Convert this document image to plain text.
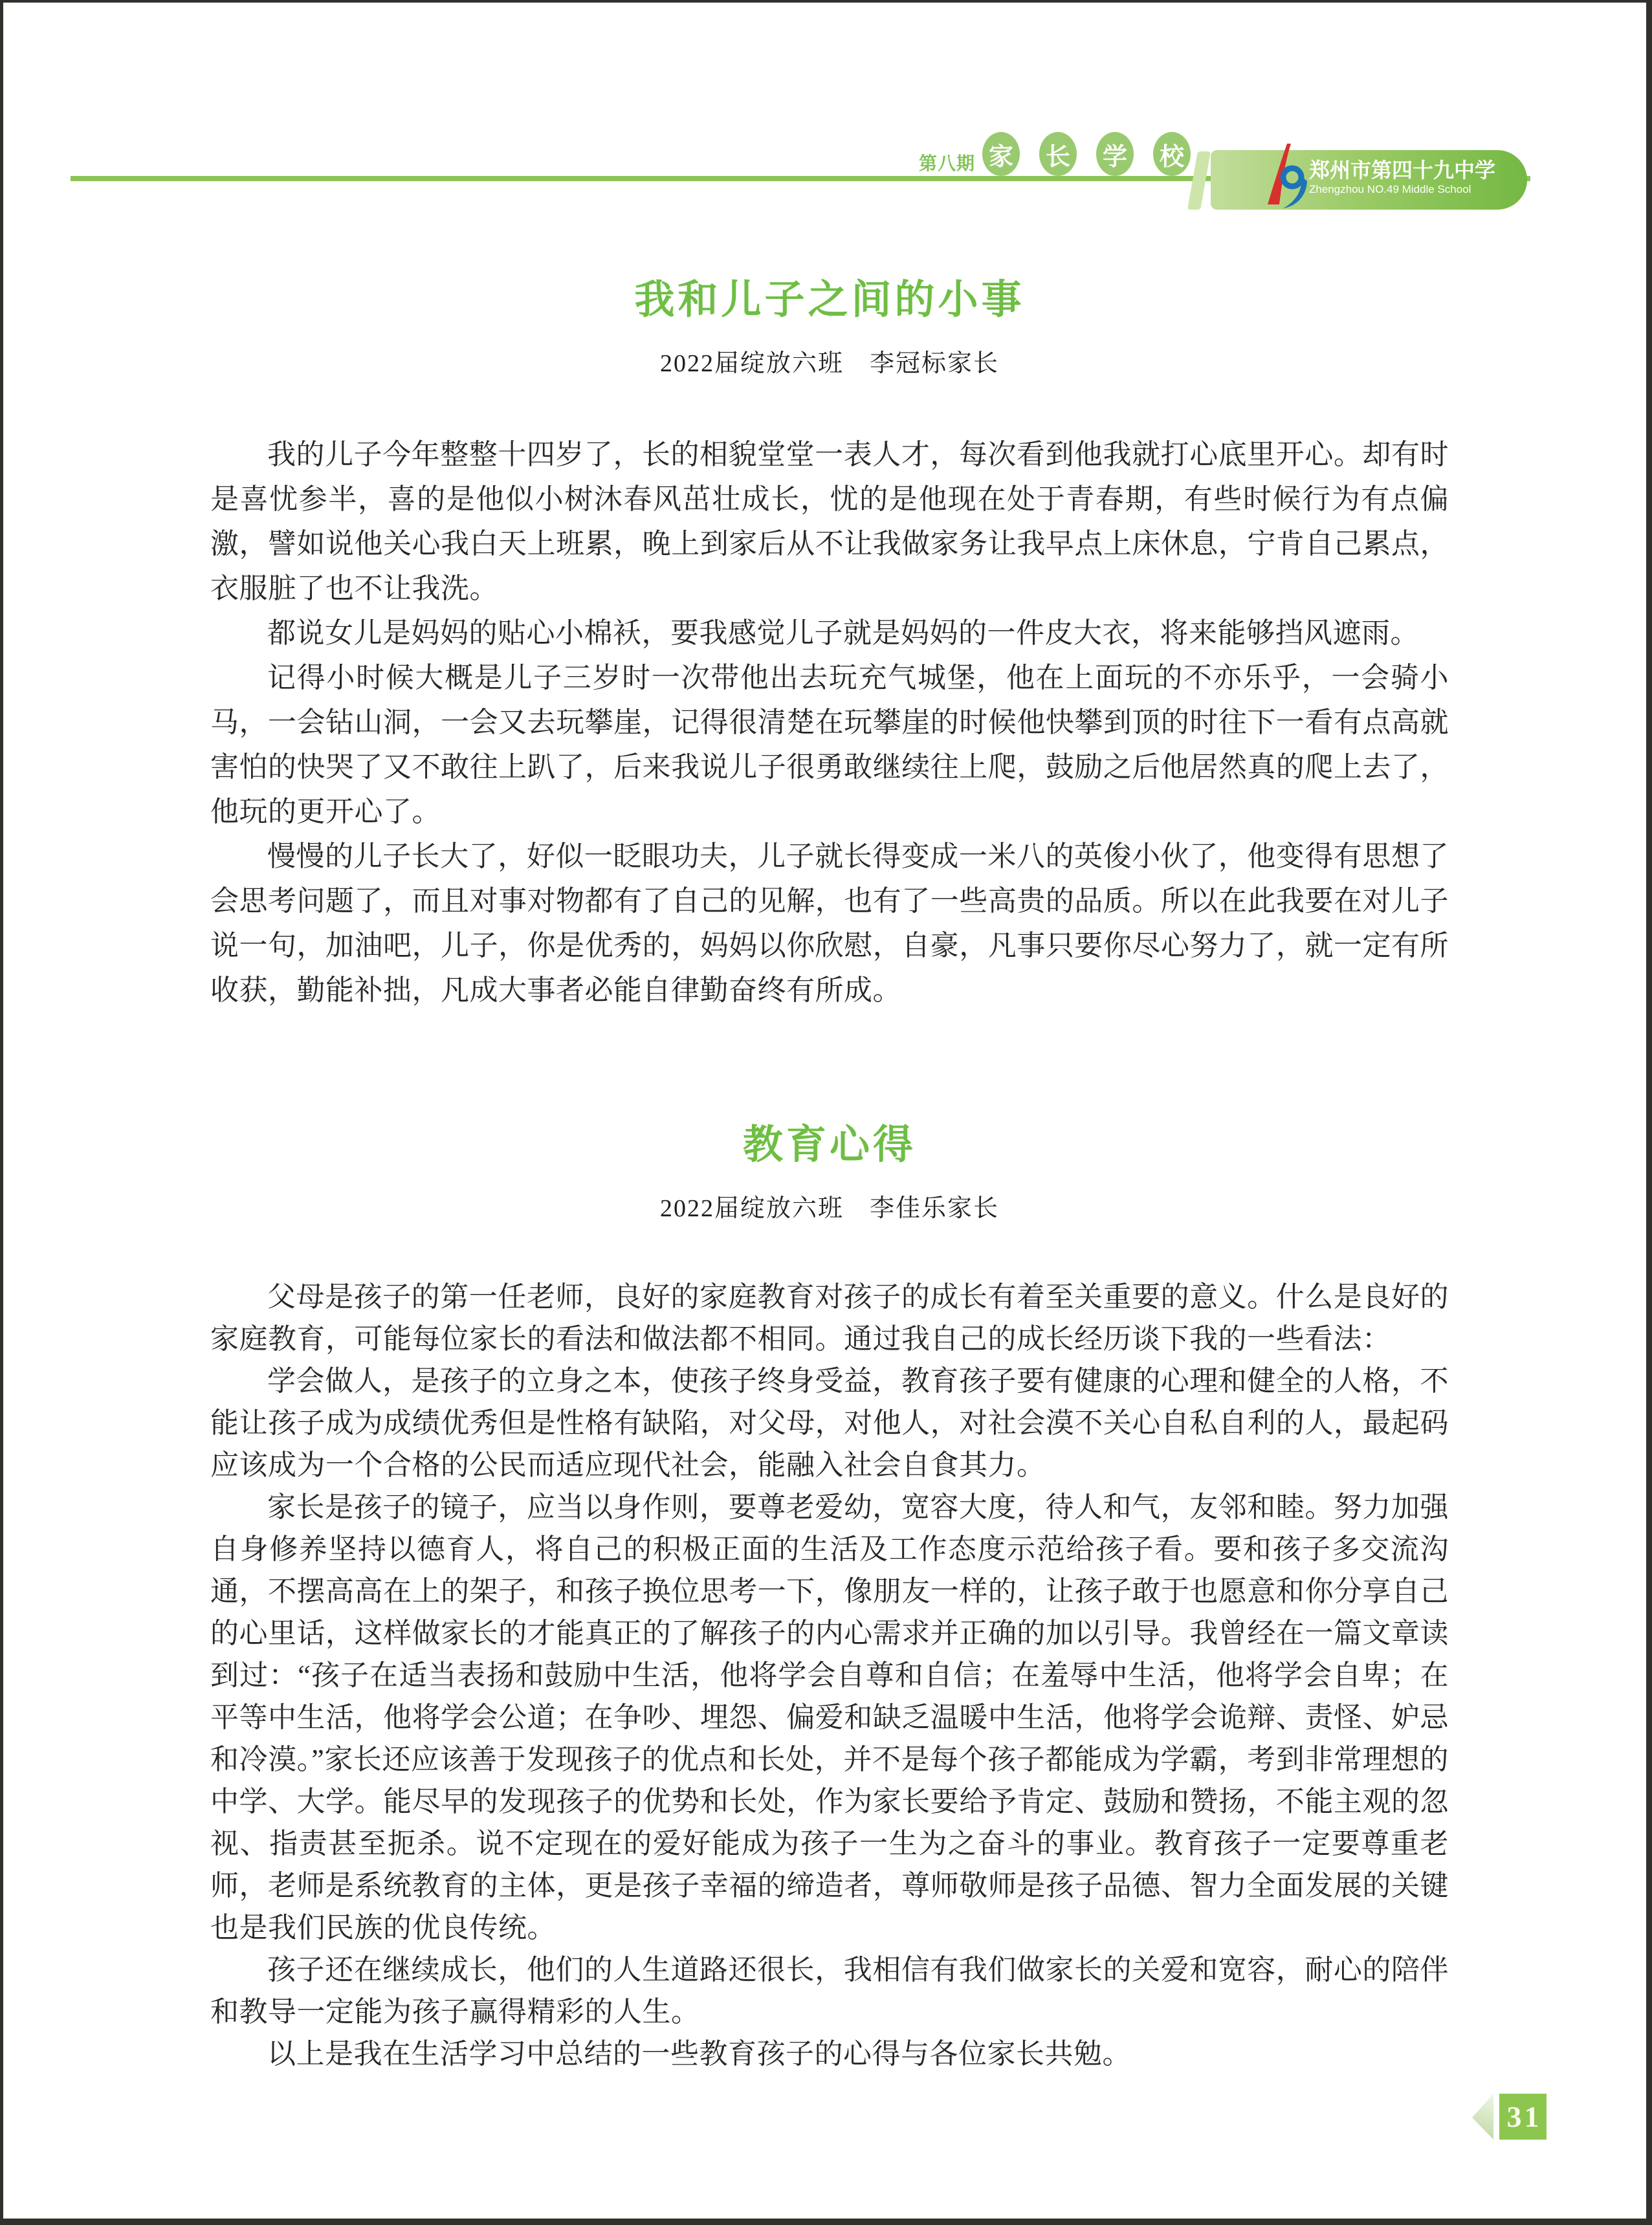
第八期 家 长 学 校	郑州市第四十九中学
Zhengzhou NO.49 Middle School
我和儿子之间的小事
2022届绽放六班　李冠标家长

我的儿子今年整整十四岁了，长的相貌堂堂一表人才，每次看到他我就打心底里开心。却有时是喜忧参半，喜的是他似小树沐春风茁壮成长，忧的是他现在处于青春期，有些时候行为有点偏激，譬如说他关心我白天上班累，晚上到家后从不让我做家务让我早点上床休息，宁肯自己累点，衣服脏了也不让我洗。

都说女儿是妈妈的贴心小棉袄，要我感觉儿子就是妈妈的一件皮大衣，将来能够挡风遮雨。

记得小时候大概是儿子三岁时一次带他出去玩充气城堡，他在上面玩的不亦乐乎，一会骑小马，一会钻山洞，一会又去玩攀崖，记得很清楚在玩攀崖的时候他快攀到顶的时往下一看有点高就害怕的快哭了又不敢往上趴了，后来我说儿子很勇敢继续往上爬，鼓励之后他居然真的爬上去了，他玩的更开心了。

慢慢的儿子长大了，好似一眨眼功夫，儿子就长得变成一米八的英俊小伙了，他变得有思想了会思考问题了，而且对事对物都有了自己的见解，也有了一些高贵的品质。所以在此我要在对儿子说一句，加油吧，儿子，你是优秀的，妈妈以你欣慰，自豪，凡事只要你尽心努力了，就一定有所收获，勤能补拙，凡成大事者必能自律勤奋终有所成。

教育心得
2022届绽放六班　李佳乐家长

父母是孩子的第一任老师，良好的家庭教育对孩子的成长有着至关重要的意义。什么是良好的家庭教育，可能每位家长的看法和做法都不相同。通过我自己的成长经历谈下我的一些看法：

学会做人，是孩子的立身之本，使孩子终身受益，教育孩子要有健康的心理和健全的人格，不能让孩子成为成绩优秀但是性格有缺陷，对父母，对他人，对社会漠不关心自私自利的人，最起码应该成为一个合格的公民而适应现代社会，能融入社会自食其力。

家长是孩子的镜子，应当以身作则，要尊老爱幼，宽容大度，待人和气，友邻和睦。努力加强自身修养坚持以德育人，将自己的积极正面的生活及工作态度示范给孩子看。要和孩子多交流沟通，不摆高高在上的架子，和孩子换位思考一下，像朋友一样的，让孩子敢于也愿意和你分享自己的心里话，这样做家长的才能真正的了解孩子的内心需求并正确的加以引导。我曾经在一篇文章读到过：“孩子在适当表扬和鼓励中生活，他将学会自尊和自信；在羞辱中生活，他将学会自卑；在平等中生活，他将学会公道；在争吵、埋怨、偏爱和缺乏温暖中生活，他将学会诡辩、责怪、妒忌和冷漠。”家长还应该善于发现孩子的优点和长处，并不是每个孩子都能成为学霸，考到非常理想的中学、大学。能尽早的发现孩子的优势和长处，作为家长要给予肯定、鼓励和赞扬，不能主观的忽视、指责甚至扼杀。说不定现在的爱好能成为孩子一生为之奋斗的事业。教育孩子一定要尊重老师，老师是系统教育的主体，更是孩子幸福的缔造者，尊师敬师是孩子品德、智力全面发展的关键也是我们民族的优良传统。

孩子还在继续成长，他们的人生道路还很长，我相信有我们做家长的关爱和宽容，耐心的陪伴和教导一定能为孩子赢得精彩的人生。

以上是我在生活学习中总结的一些教育孩子的心得与各位家长共勉。

31
